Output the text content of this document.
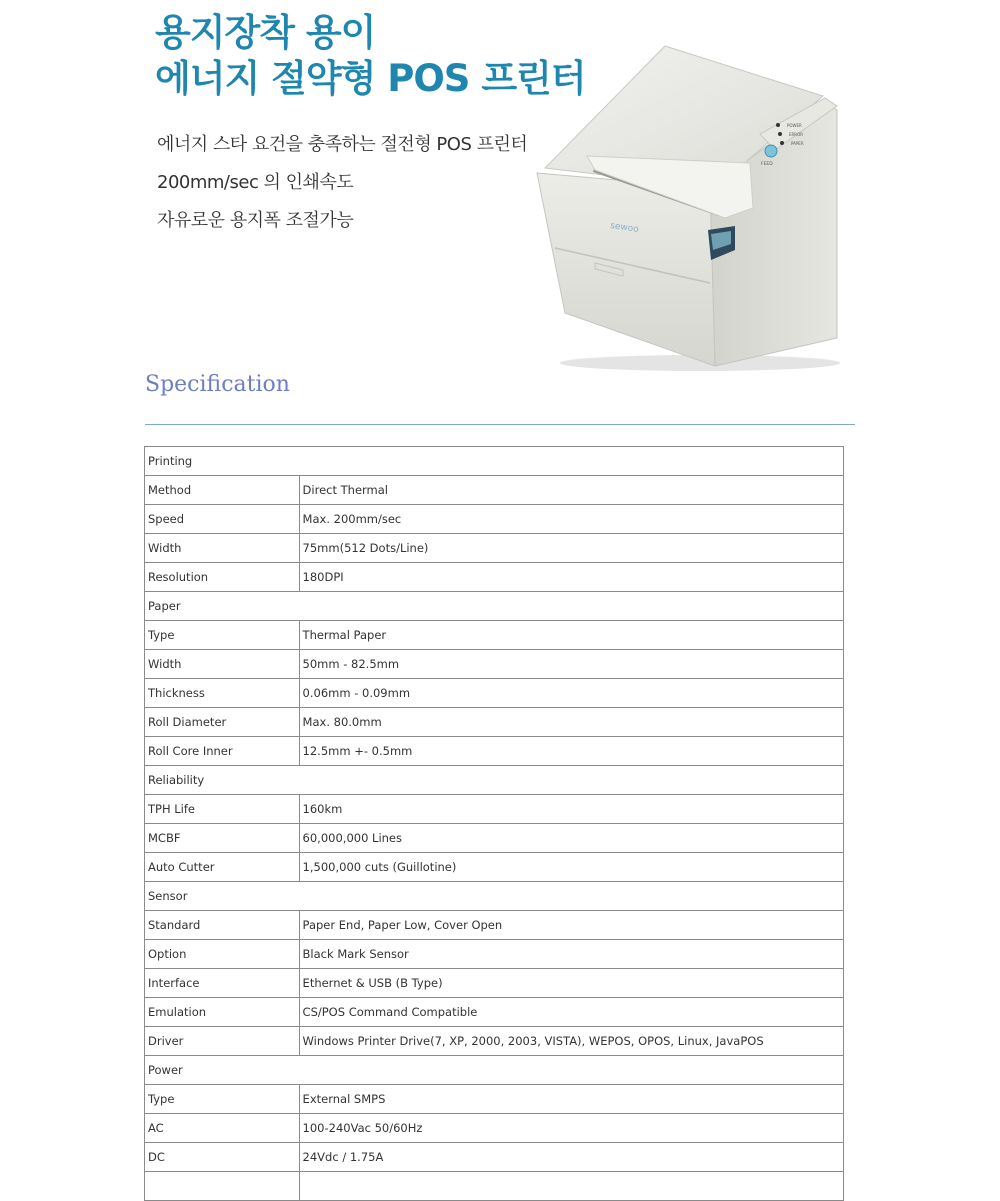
용지장착 용이
에너지 절약형 POS 프린터
에너지 스타 요건을 충족하는 절전형 POS 프린터
200mm/sec 의 인쇄속도
자유로운 용지폭 조절가능
POWER
ERROR
PAPER
FEED
sewoo
Specification
Printing	
Method	Direct Thermal
Speed	Max. 200mm/sec
Width	75mm(512 Dots/Line)
Resolution	180DPI
Paper	
Type	Thermal Paper
Width	50mm - 82.5mm
Thickness	0.06mm - 0.09mm
Roll Diameter	Max. 80.0mm
Roll Core Inner	12.5mm +- 0.5mm
Reliability	
TPH Life	160km
MCBF	60,000,000 Lines
Auto Cutter	1,500,000 cuts (Guillotine)
Sensor	
Standard	Paper End, Paper Low, Cover Open
Option	Black Mark Sensor
Interface	Ethernet & USB (B Type)
Emulation	CS/POS Command Compatible
Driver	Windows Printer Drive(7, XP, 2000, 2003, VISTA), WEPOS, OPOS, Linux, JavaPOS
Power	
Type	External SMPS
AC	100-240Vac 50/60Hz
DC	24Vdc / 1.75A
